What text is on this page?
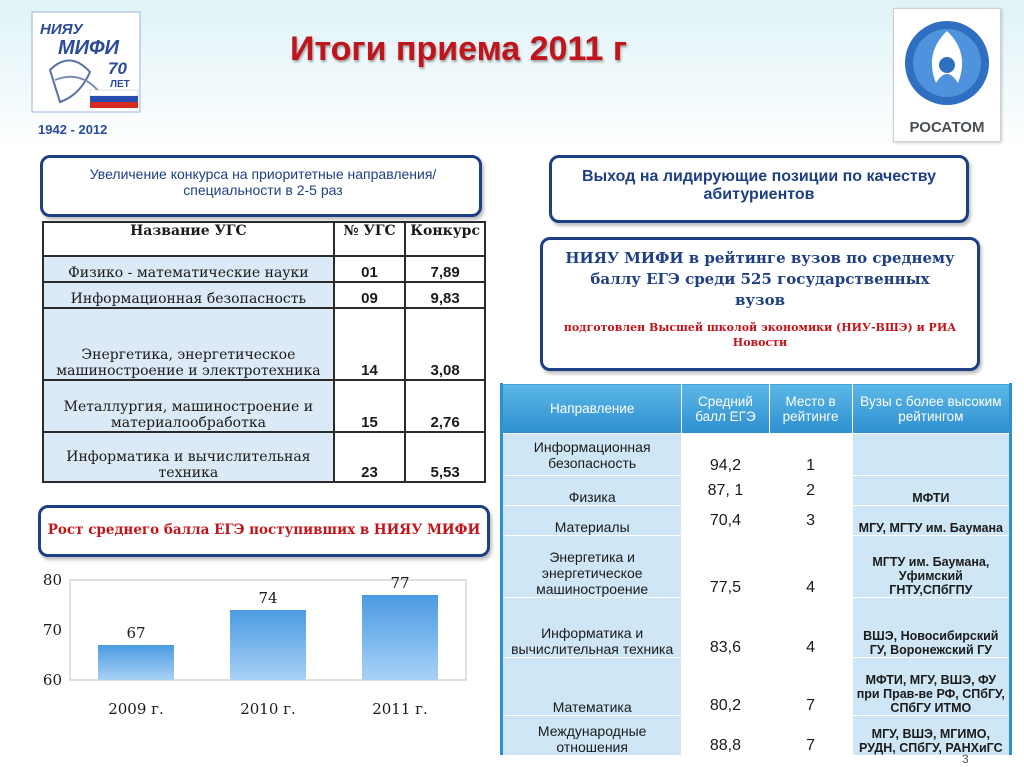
НИЯУ
МИФИ
70
ЛЕТ
1942 - 2012
Итоги приема 2011 г
РОСАТОМ
Увеличение конкурса на приоритетные направления/специальности в 2-5 раз
Название УГС	№ УГС	Конкурс
Физико - математические науки	01	7,89
Информационная безопасность	09	9,83
Энергетика, энергетическое машиностроение и электротехника	14	3,08
Металлургия, машиностроение и материалообработка	15	2,76
Информатика и вычислительная техника	23	5,53
Рост среднего балла ЕГЭ поступивших в НИЯУ МИФИ
60
70
80
67
74
77
2009 г.	2010 г.	2011 г.
Выход на лидирующие позиции по качеству абитуриентов
НИЯУ МИФИ в рейтинге вузов по среднему баллу ЕГЭ среди 525 государственных вузов
подготовлен Высшей школой экономики (НИУ-ВШЭ) и РИА Новости
Направление	Средний балл ЕГЭ	Место в рейтинге	Вузы с более высоким рейтингом
Информационная безопасность	94,2	1	
Физика	87, 1	2	МФТИ
Материалы	70,4	3	МГУ, МГТУ им. Баумана
Энергетика и энергетическое машиностроение	77,5	4	МГТУ им. Баумана, Уфимский ГНТУ,СПбГПУ
Информатика и вычислительная техника	83,6	4	ВШЭ, Новосибирский ГУ, Воронежский ГУ
Математика	80,2	7	МФТИ, МГУ, ВШЭ, ФУ при Прав-ве РФ, СПбГУ, СПбГУ ИТМО
Международные отношения	88,8	7	МГУ, ВШЭ, МГИМО, РУДН, СПбГУ, РАНХиГС
3
